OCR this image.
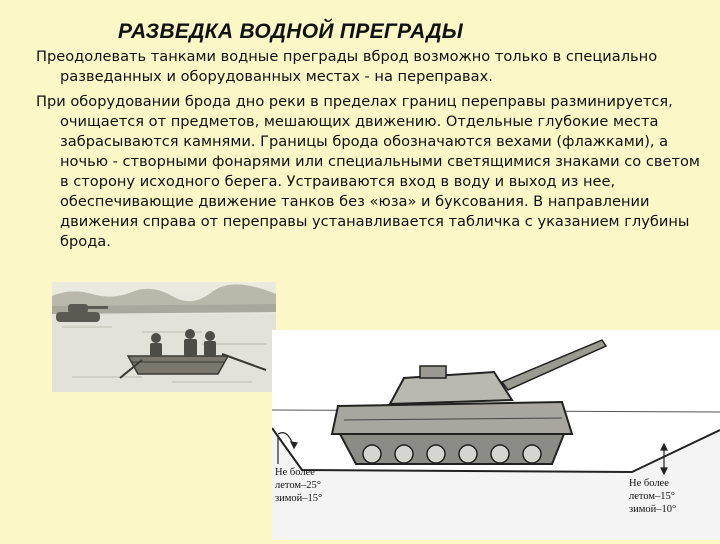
РАЗВЕДКА ВОДНОЙ ПРЕГРАДЫ

Преодолевать танками водные преграды вброд возможно только в специально разведанных и оборудованных местах - на переправах.

При оборудовании брода дно реки в пределах границ переправы разминируется, очищается от предметов, мешающих движению. Отдельные глубокие места забрасываются камнями. Границы брода обозначаются вехами (флажками), а ночью - створными фонарями или специальными светящимися знаками со светом в сторону исходного берега. Устраиваются вход в воду и выход из нее, обеспечивающие движение танков без «юза» и буксования. В направлении движения справа от переправы устанавливается табличка с указанием глубины брода.

Не более
летом–25°
зимой–15°
Не более
летом–15°
зимой–10°
